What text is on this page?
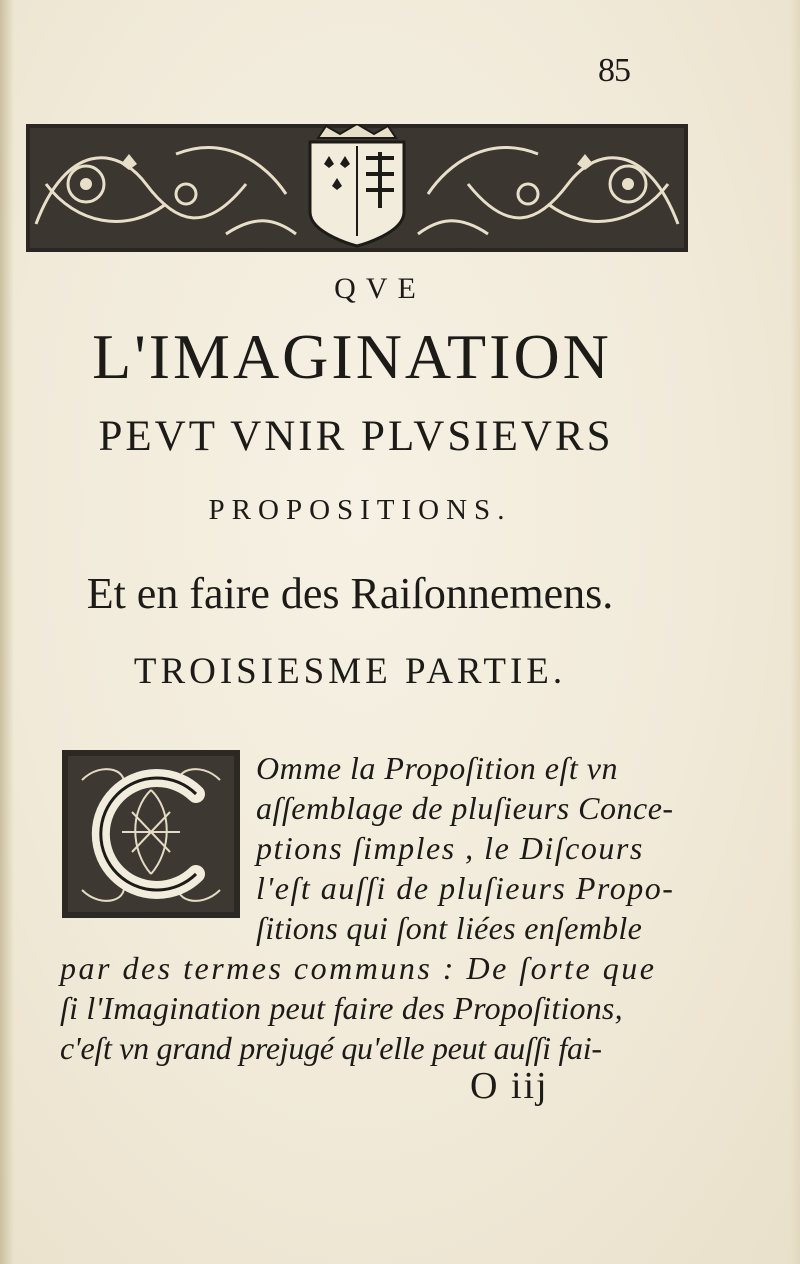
85
QVE
L'IMAGINATION
PEVT VNIR PLVSIEVRS
PROPOSITIONS.
Et en faire des Raiſonnemens.
TROISIESME PARTIE.
Omme la Propoſition eſt vn
aſſemblage de pluſieurs Conce-
ptions ſimples , le Diſcours
l'eſt auſſi de pluſieurs Propo-
ſitions qui ſont liées enſemble
par des termes communs : De ſorte que
ſi l'Imagination peut faire des Propoſitions,
c'eſt vn grand prejugé qu'elle peut auſſi fai-
O iij
